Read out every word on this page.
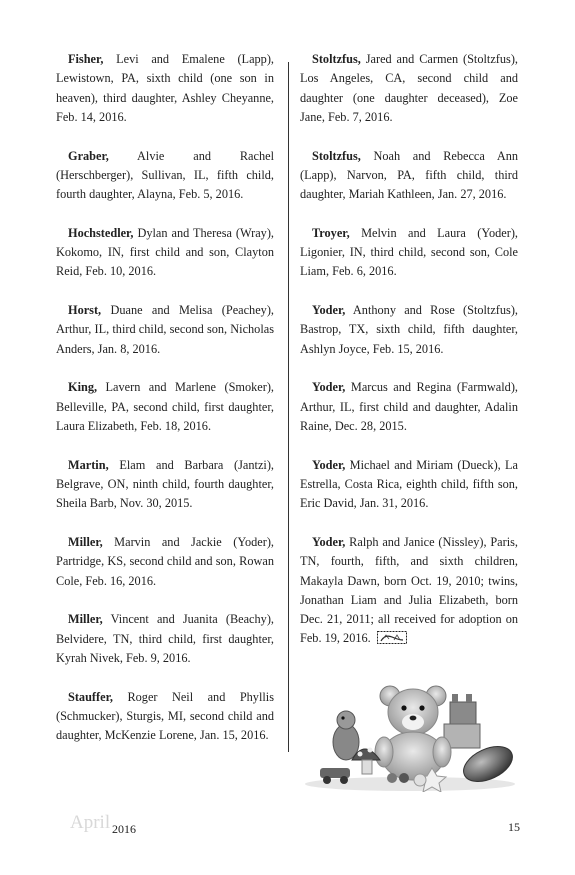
Fisher, Levi and Emalene (Lapp), Lewistown, PA, sixth child (one son in heaven), third daughter, Ashley Cheyanne, Feb. 14, 2016.

Graber, Alvie and Rachel (Herschberger), Sullivan, IL, fifth child, fourth daughter, Alayna, Feb. 5, 2016.

Hochstedler, Dylan and Theresa (Wray), Kokomo, IN, first child and son, Clayton Reid, Feb. 10, 2016.

Horst, Duane and Melisa (Peachey), Arthur, IL, third child, second son, Nicholas Anders, Jan. 8, 2016.

King, Lavern and Marlene (Smoker), Belleville, PA, second child, first daughter, Laura Elizabeth, Feb. 18, 2016.

Martin, Elam and Barbara (Jantzi), Belgrave, ON, ninth child, fourth daughter, Sheila Barb, Nov. 30, 2015.

Miller, Marvin and Jackie (Yoder), Partridge, KS, second child and son, Rowan Cole, Feb. 16, 2016.

Miller, Vincent and Juanita (Beachy), Belvidere, TN, third child, first daughter, Kyrah Nivek, Feb. 9, 2016.

Stauffer, Roger Neil and Phyllis (Schmucker), Sturgis, MI, second child and daughter, McKenzie Lorene, Jan. 15, 2016.

Stoltzfus, Jared and Carmen (Stoltzfus), Los Angeles, CA, second child and daughter (one daughter deceased), Zoe Jane, Feb. 7, 2016.

Stoltzfus, Noah and Rebecca Ann (Lapp), Narvon, PA, fifth child, third daughter, Mariah Kathleen, Jan. 27, 2016.

Troyer, Melvin and Laura (Yoder), Ligonier, IN, third child, second son, Cole Liam, Feb. 6, 2016.

Yoder, Anthony and Rose (Stoltzfus), Bastrop, TX, sixth child, fifth daughter, Ashlyn Joyce, Feb. 15, 2016.

Yoder, Marcus and Regina (Farmwald), Arthur, IL, first child and daughter, Adalin Raine, Dec. 28, 2015.

Yoder, Michael and Miriam (Dueck), La Estrella, Costa Rica, eighth child, fifth son, Eric David, Jan. 31, 2016.

Yoder, Ralph and Janice (Nissley), Paris, TN, fourth, fifth, and sixth children, Makayla Dawn, born Oct. 19, 2010; twins, Jonathan Liam and Julia Elizabeth, born Dec. 21, 2011; all received for adoption on Feb. 19, 2016.

April 2016	15
